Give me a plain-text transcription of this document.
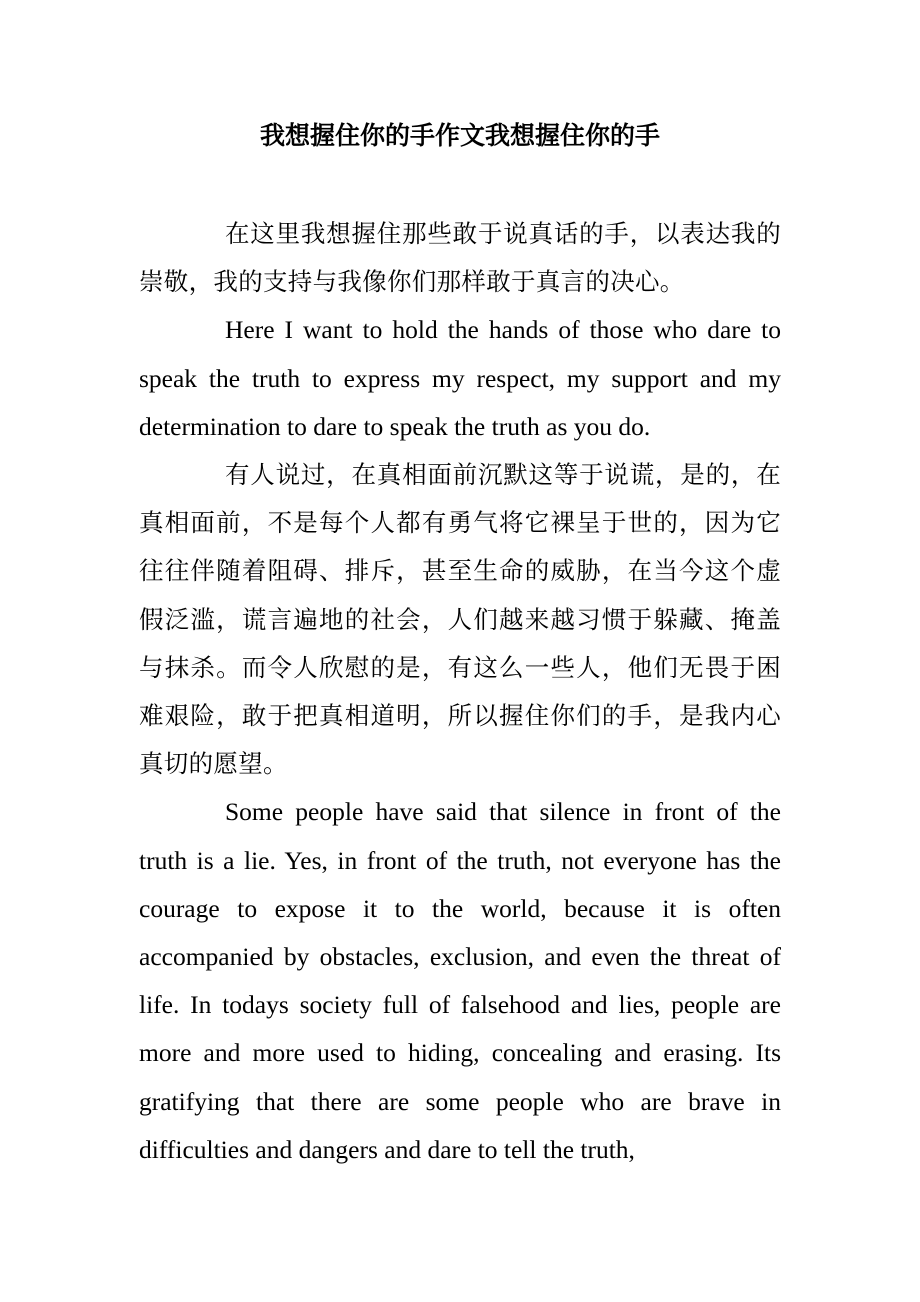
我想握住你的手作文我想握住你的手

在这里我想握住那些敢于说真话的手，以表达我的崇敬，我的支持与我像你们那样敢于真言的决心。

Here I want to hold the hands of those who dare to speak the truth to express my respect, my support and my determination to dare to speak the truth as you do.

有人说过，在真相面前沉默这等于说谎，是的，在真相面前，不是每个人都有勇气将它裸呈于世的，因为它往往伴随着阻碍、排斥，甚至生命的威胁，在当今这个虚假泛滥，谎言遍地的社会，人们越来越习惯于躲藏、掩盖与抹杀。而令人欣慰的是，有这么一些人，他们无畏于困难艰险，敢于把真相道明，所以握住你们的手，是我内心真切的愿望。

Some people have said that silence in front of the truth is a lie. Yes, in front of the truth, not everyone has the courage to expose it to the world, because it is often accompanied by obstacles, exclusion, and even the threat of life. In todays society full of falsehood and lies, people are more and more used to hiding, concealing and erasing. Its gratifying that there are some people who are brave in difficulties and dangers and dare to tell the truth,
